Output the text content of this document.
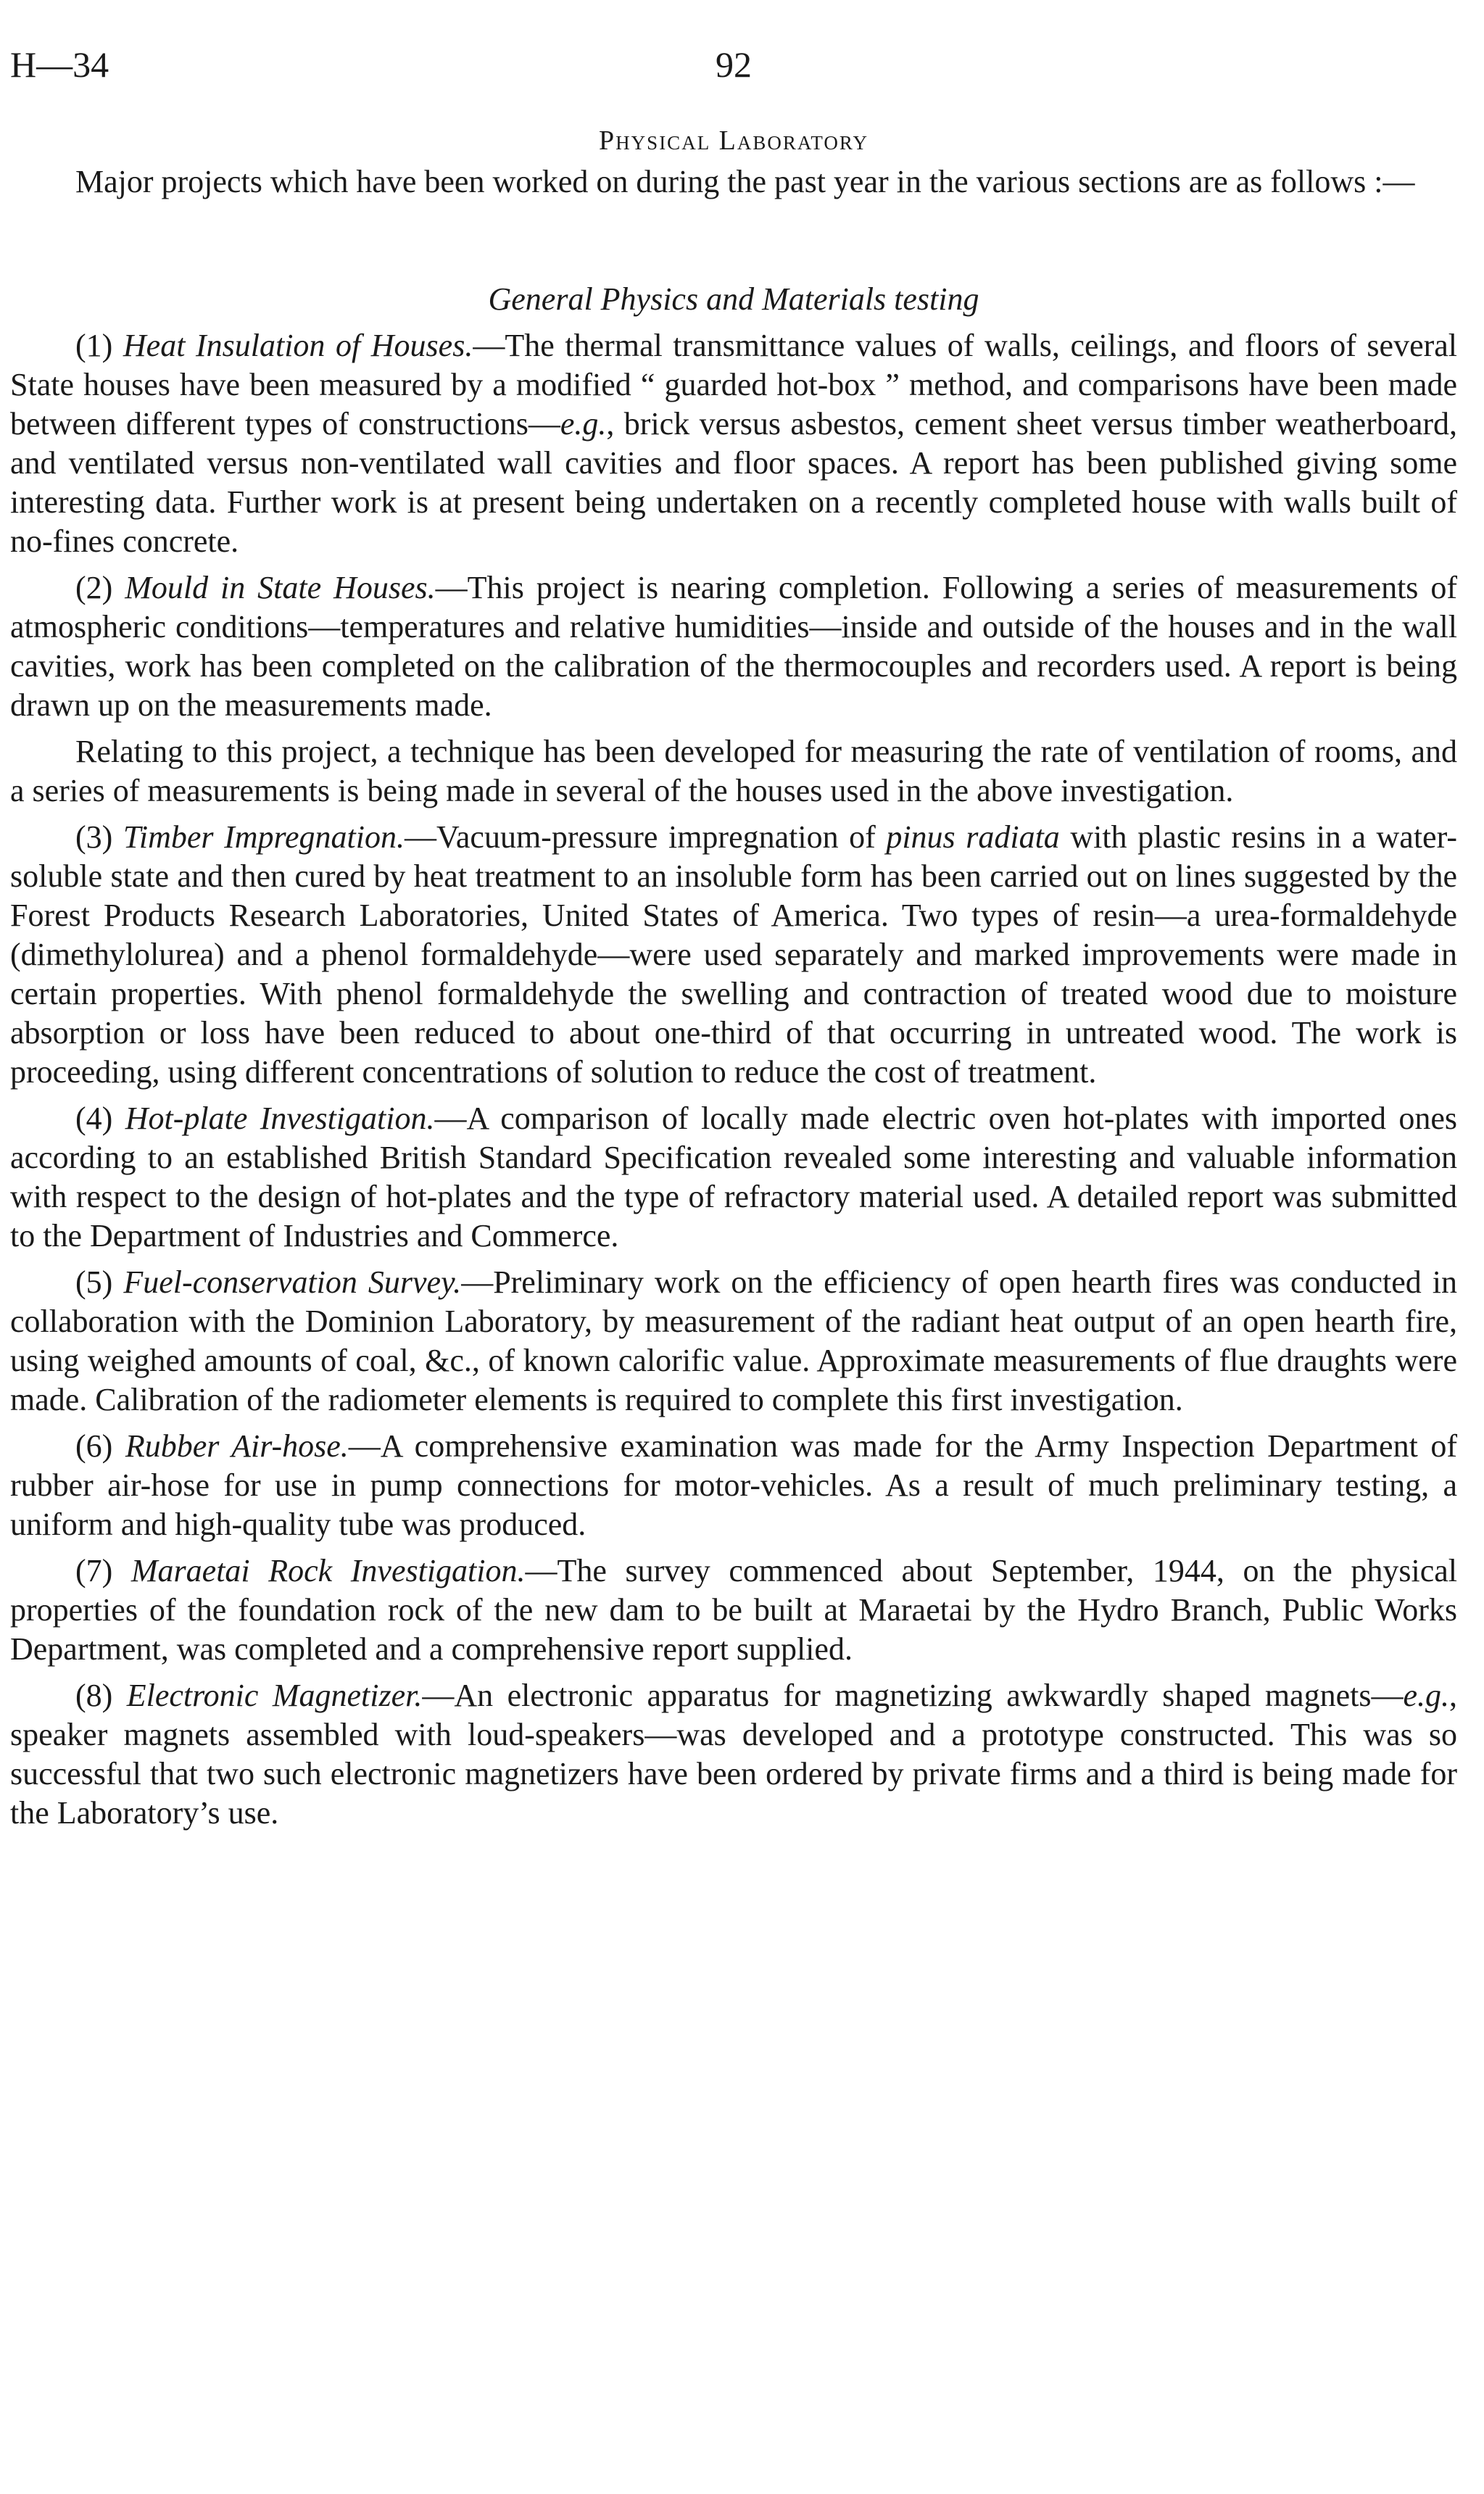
H—34	92
Physical Laboratory

Major projects which have been worked on during the past year in the various sections are as follows :—

General Physics and Materials testing

(1) Heat Insulation of Houses.—The thermal transmittance values of walls, ceilings, and floors of several State houses have been measured by a modified “ guarded hot-box ” method, and comparisons have been made between different types of constructions—e.g., brick versus asbestos, cement sheet versus timber weatherboard, and ventilated versus non-ventilated wall cavities and floor spaces. A report has been published giving some interesting data. Further work is at present being undertaken on a recently completed house with walls built of no-fines concrete.

(2) Mould in State Houses.—This project is nearing completion. Following a series of measurements of atmospheric conditions—temperatures and relative humidities—inside and outside of the houses and in the wall cavities, work has been completed on the calibration of the thermocouples and recorders used. A report is being drawn up on the measurements made.

Relating to this project, a technique has been developed for measuring the rate of ventilation of rooms, and a series of measurements is being made in several of the houses used in the above investigation.

(3) Timber Impregnation.—Vacuum-pressure impregnation of pinus radiata with plastic resins in a water-soluble state and then cured by heat treatment to an insoluble form has been carried out on lines suggested by the Forest Products Research Laboratories, United States of America. Two types of resin—a urea-formaldehyde (dimethylolurea) and a phenol formaldehyde—were used separately and marked improvements were made in certain properties. With phenol formaldehyde the swelling and contraction of treated wood due to moisture absorption or loss have been reduced to about one-third of that occurring in untreated wood. The work is proceeding, using different concentrations of solution to reduce the cost of treatment.

(4) Hot-plate Investigation.—A comparison of locally made electric oven hot-plates with imported ones according to an established British Standard Specification revealed some interesting and valuable information with respect to the design of hot-plates and the type of refractory material used. A detailed report was submitted to the Department of Industries and Commerce.

(5) Fuel-conservation Survey.—Preliminary work on the efficiency of open hearth fires was conducted in collaboration with the Dominion Laboratory, by measurement of the radiant heat output of an open hearth fire, using weighed amounts of coal, &c., of known calorific value. Approximate measurements of flue draughts were made. Calibration of the radiometer elements is required to complete this first investigation.

(6) Rubber Air-hose.—A comprehensive examination was made for the Army Inspection Department of rubber air-hose for use in pump connections for motor-vehicles. As a result of much preliminary testing, a uniform and high-quality tube was produced.

(7) Maraetai Rock Investigation.—The survey commenced about September, 1944, on the physical properties of the foundation rock of the new dam to be built at Maraetai by the Hydro Branch, Public Works Department, was completed and a comprehensive report supplied.

(8) Electronic Magnetizer.—An electronic apparatus for magnetizing awkwardly shaped magnets—e.g., speaker magnets assembled with loud-speakers—was developed and a prototype constructed. This was so successful that two such electronic magnetizers have been ordered by private firms and a third is being made for the Laboratory’s use.
